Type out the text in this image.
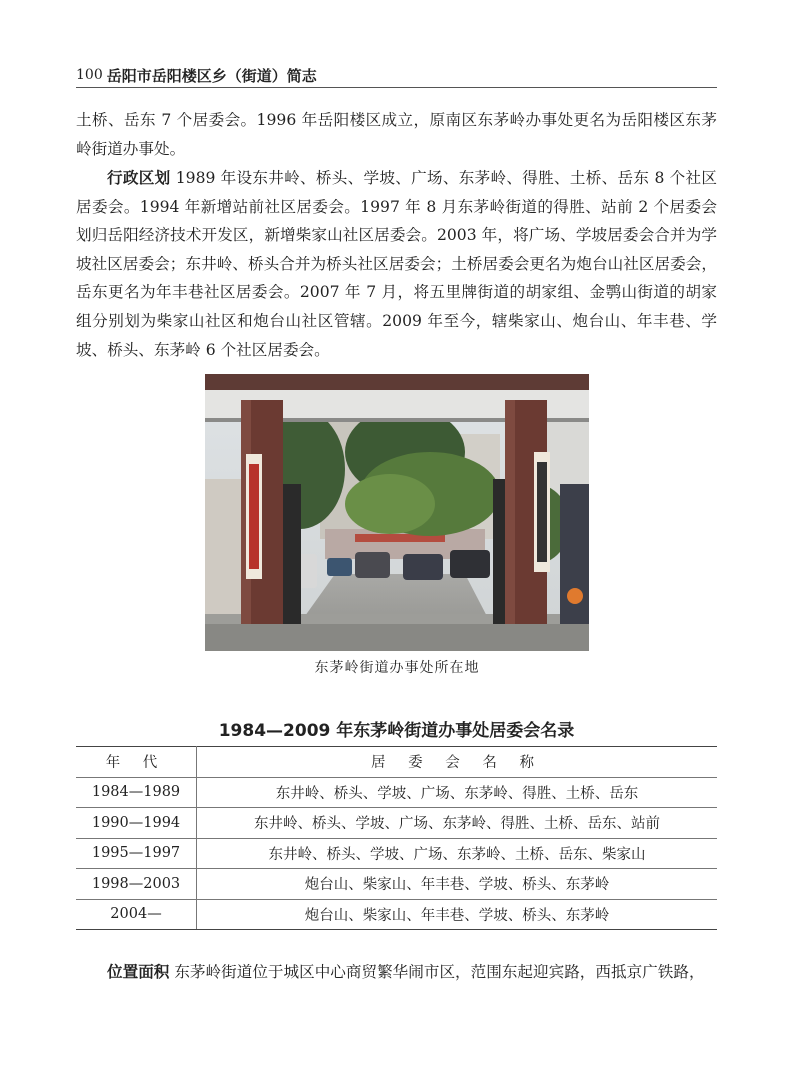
100 岳阳市岳阳楼区乡（街道）简志
土桥、岳东 7 个居委会。1996 年岳阳楼区成立，原南区东茅岭办事处更名为岳阳楼区东茅岭街道办事处。
行政区划 1989 年设东井岭、桥头、学坡、广场、东茅岭、得胜、土桥、岳东 8 个社区居委会。1994 年新增站前社区居委会。1997 年 8 月东茅岭街道的得胜、站前 2 个居委会划归岳阳经济技术开发区，新增柴家山社区居委会。2003 年，将广场、学坡居委会合并为学坡社区居委会；东井岭、桥头合并为桥头社区居委会；土桥居委会更名为炮台山社区居委会，岳东更名为年丰巷社区居委会。2007 年 7 月，将五里牌街道的胡家组、金鹗山街道的胡家组分别划为柴家山社区和炮台山社区管辖。2009 年至今，辖柴家山、炮台山、年丰巷、学坡、桥头、东茅岭 6 个社区居委会。
东茅岭街道办事处所在地
1984—2009 年东茅岭街道办事处居委会名录
年 代	居 委 会 名 称
1984—1989	东井岭、桥头、学坡、广场、东茅岭、得胜、土桥、岳东
1990—1994	东井岭、桥头、学坡、广场、东茅岭、得胜、土桥、岳东、站前
1995—1997	东井岭、桥头、学坡、广场、东茅岭、土桥、岳东、柴家山
1998—2003	炮台山、柴家山、年丰巷、学坡、桥头、东茅岭
2004—	炮台山、柴家山、年丰巷、学坡、桥头、东茅岭
位置面积 东茅岭街道位于城区中心商贸繁华闹市区，范围东起迎宾路，西抵京广铁路，
